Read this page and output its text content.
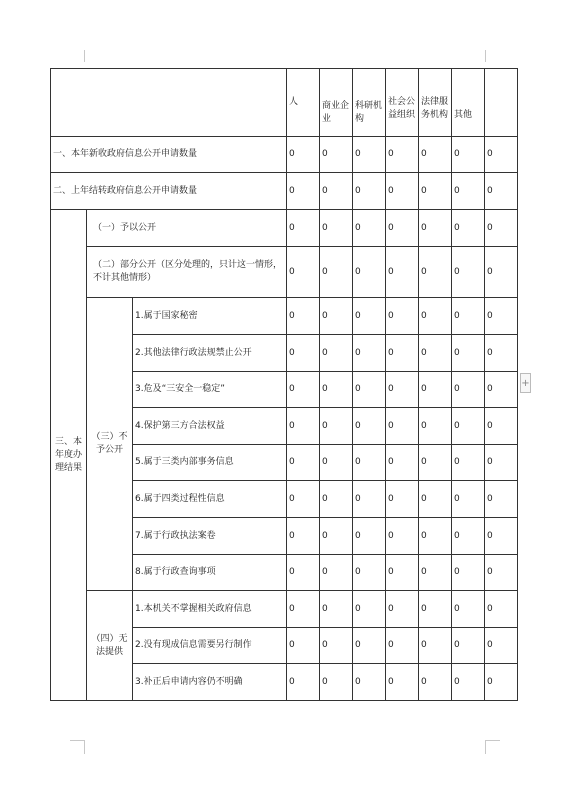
			人	商业企业	科研机构	社会公益组织	法律服务机构	其他	
一、本年新收政府信息公开申请数量			0	0	0	0	0	0	0
二、上年结转政府信息公开申请数量			0	0	0	0	0	0	0
三、本年度办理结果	（一）予以公开		0	0	0	0	0	0	0
	（二）部分公开（区分处理的，只计这一情形，不计其他情形）		0	0	0	0	0	0	0
	（三）不予公开	1.属于国家秘密	0	0	0	0	0	0	0
		2.其他法律行政法规禁止公开	0	0	0	0	0	0	0
		3.危及“三安全一稳定”	0	0	0	0	0	0	0
		4.保护第三方合法权益	0	0	0	0	0	0	0
		5.属于三类内部事务信息	0	0	0	0	0	0	0
		6.属于四类过程性信息	0	0	0	0	0	0	0
		7.属于行政执法案卷	0	0	0	0	0	0	0
		8.属于行政查询事项	0	0	0	0	0	0	0
	（四）无法提供	1.本机关不掌握相关政府信息	0	0	0	0	0	0	0
		2.没有现成信息需要另行制作	0	0	0	0	0	0	0
		3.补正后申请内容仍不明确	0	0	0	0	0	0	0
+
